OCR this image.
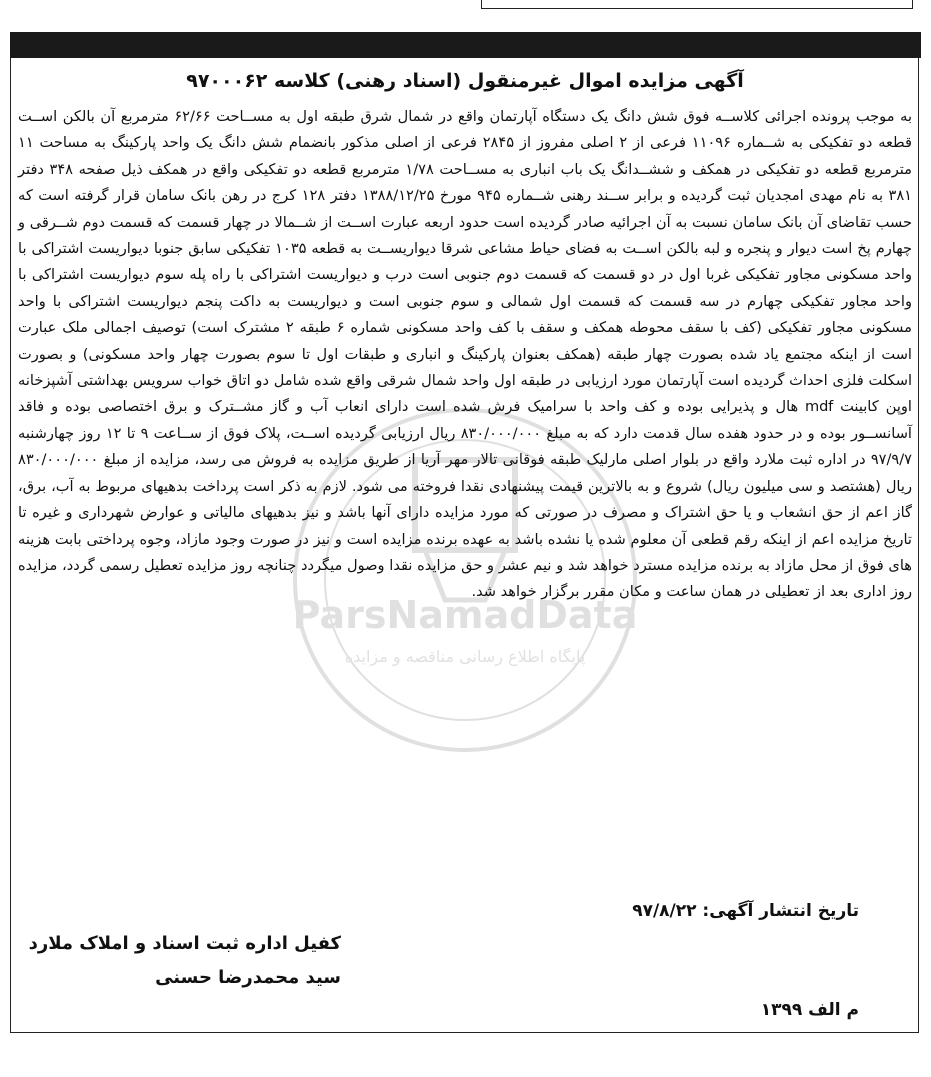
ParsNamadData
پایگاه اطلاع رسانی مناقصه و مزایده
آگهی مزایده اموال غیرمنقول (اسناد رهنی) کلاسه ۹۷۰۰۰۶۲
به موجب پرونده اجرائی کلاســه فوق شش دانگ یک دستگاه آپارتمان واقع در شمال شرق طبقه اول به مســاحت ۶۲/۶۶ مترمربع آن بالکن اســت قطعه دو تفکیکی به شــماره ۱۱۰۹۶ فرعی از ۲ اصلی مفروز از ۲۸۴۵ فرعی از اصلی مذکور بانضمام شش دانگ یک واحد پارکینگ به مساحت ۱۱ مترمربع قطعه دو تفکیکی در همکف و ششــدانگ یک باب انباری به مســاحت ۱/۷۸ مترمربع قطعه دو تفکیکی واقع در همکف ذیل صفحه ۳۴۸ دفتر ۳۸۱ به نام مهدی امجدیان ثبت گردیده و برابر ســند رهنی شــماره ۹۴۵ مورخ ۱۳۸۸/۱۲/۲۵ دفتر ۱۲۸ کرج در رهن بانک سامان قرار گرفته است که حسب تقاضای آن بانک سامان نسبت به آن اجرائیه صادر گردیده است حدود اربعه عبارت اســت از شــمالا در چهار قسمت که قسمت دوم شــرقی و چهارم پخ است دیوار و پنجره و لبه بالکن اســت به فضای حیاط مشاعی شرقا دیواریســت به قطعه ۱۰۳۵ تفکیکی سابق جنوبا دیواریست اشتراکی با واحد مسکونی مجاور تفکیکی غربا اول در دو قسمت که قسمت دوم جنوبی است درب و دیواریست اشتراکی با راه پله سوم دیواریست اشتراکی با واحد مجاور تفکیکی چهارم در سه قسمت که قسمت اول شمالی و سوم جنوبی است و دیواریست به داکت پنجم دیواریست اشتراکی با واحد مسکونی مجاور تفکیکی (کف با سقف محوطه همکف و سقف با کف واحد مسکونی شماره ۶ طبقه ۲ مشترک است) توصیف اجمالی ملک عبارت است از اینکه مجتمع یاد شده بصورت چهار طبقه (همکف بعنوان پارکینگ و انباری و طبقات اول تا سوم بصورت چهار واحد مسکونی) و بصورت اسکلت فلزی احداث گردیده است آپارتمان مورد ارزیابی در طبقه اول واحد شمال شرقی واقع شده شامل دو اتاق خواب سرویس بهداشتی آشپزخانه اوپن کابینت mdf هال و پذیرایی بوده و کف واحد با سرامیک فرش شده است دارای انعاب آب و گاز مشــترک و برق اختصاصی بوده و فاقد آسانســور بوده و در حدود هفده سال قدمت دارد که به مبلغ ۸۳۰/۰۰۰/۰۰۰ ریال ارزیابی گردیده اســت، پلاک فوق از ســاعت ۹ تا ۱۲ روز چهارشنبه ۹۷/۹/۷ در اداره ثبت ملارد واقع در بلوار اصلی مارلیک طبقه فوقانی تالار مهر آریا از طریق مزایده به فروش می رسد، مزایده از مبلغ ۸۳۰/۰۰۰/۰۰۰ ریال (هشتصد و سی میلیون ریال) شروع و به بالاترین قیمت پیشنهادی نقدا فروخته می شود. لازم به ذکر است پرداخت بدهیهای مربوط به آب، برق، گاز اعم از حق انشعاب و یا حق اشتراک و مصرف در صورتی که مورد مزایده دارای آنها باشد و نیز بدهیهای مالیاتی و عوارض شهرداری و غیره تا تاریخ مزایده اعم از اینکه رقم قطعی آن معلوم شده یا نشده باشد به عهده برنده مزایده است و نیز در صورت وجود مازاد، وجوه پرداختی بابت هزینه های فوق از محل مازاد به برنده مزایده مسترد خواهد شد و نیم عشر و حق مزایده نقدا وصول میگردد چنانچه روز مزایده تعطیل رسمی گردد، مزایده روز اداری بعد از تعطیلی در همان ساعت و مکان مقرر برگزار خواهد شد.
تاریخ انتشار آگهی: ۹۷/۸/۲۲
کفیل اداره ثبت اسناد و املاک ملارد
سید محمدرضا حسنی
م الف ۱۳۹۹
